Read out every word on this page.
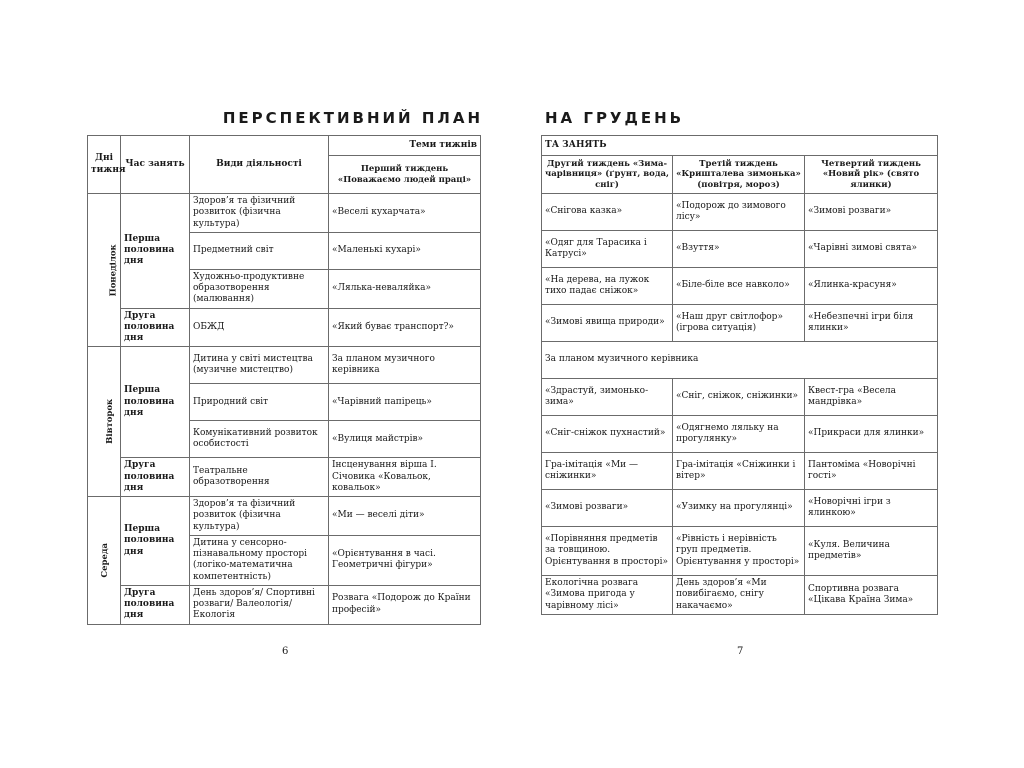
ПЕРСПЕКТИВНИЙ ПЛАН	НА ГРУДЕНЬ
Дні тижня	Час занять	Види діяльності	Теми тижнів
			Перший тиждень «Поважаємо людей праці»
Понеділок	Перша половина дня	Здоров’я та фізичний розвиток (фізична культура)	«Веселі кухарчата»
		Предметний світ	«Маленькі кухарі»
		Художньо-продуктивне образотворення (малювання)	«Лялька-неваляйка»
	Друга половина дня	ОБЖД	«Який буває транспорт?»
Вівторок	Перша половина дня	Дитина у світі мистецтва (музичне мистецтво)	За планом музичного керівника
		Природний світ	«Чарівний папірець»
		Комунікативний розвиток особистості	«Вулиця майстрів»
	Друга половина дня	Театральне образотворення	Інсценування вірша І. Січовика «Ковальок, ковальок»
Середа	Перша половина дня	Здоров’я та фізичний розвиток (фізична культура)	«Ми — веселі діти»
		Дитина у сенсорно-пізнавальному просторі (логіко-математична компетентність)	«Орієнтування в часі. Геометричні фігури»
	Друга половина дня	День здоров’я/ Спортивні розваги/ Валеологія/ Екологія	Розвага «Подорож до Країни професій»
ТА ЗАНЯТЬ		
Другий тиждень «Зима-чарівниця» (ґрунт, вода, сніг)	Третій тиждень «Кришталева зимонька» (повітря, мороз)	Четвертий тиждень «Новий рік» (свято ялинки)
«Снігова казка»	«Подорож до зимового лісу»	«Зимові розваги»
«Одяг для Тарасика і Катрусі»	«Взуття»	«Чарівні зимові свята»
«На дерева, на лужок тихо падає сніжок»	«Біле-біле все навколо»	«Ялинка-красуня»
«Зимові явища природи»	«Наш друг світлофор» (ігрова ситуація)	«Небезпечні ігри біля ялинки»
За планом музичного керівника		
«Здрастуй, зимонько-зима»	«Сніг, сніжок, сніжинки»	Квест-гра «Весела мандрівка»
«Сніг-сніжок пухнастий»	«Одягнемо ляльку на прогулянку»	«Прикраси для ялинки»
Гра-імітація «Ми — сніжинки»	Гра-імітація «Сніжинки і вітер»	Пантоміма «Новорічні гості»
«Зимові розваги»	«Узимку на прогулянці»	«Новорічні ігри з ялинкою»
«Порівняння предметів за товщиною. Орієнтування в просторі»	«Рівність і нерівність груп предметів. Орієнтування у просторі»	«Куля. Величина предметів»
Екологічна розвага «Зимова пригода у чарівному лісі»	День здоров’я «Ми повибігаємо, снігу накачаємо»	Спортивна розвага «Цікава Країна Зима»
6	7
